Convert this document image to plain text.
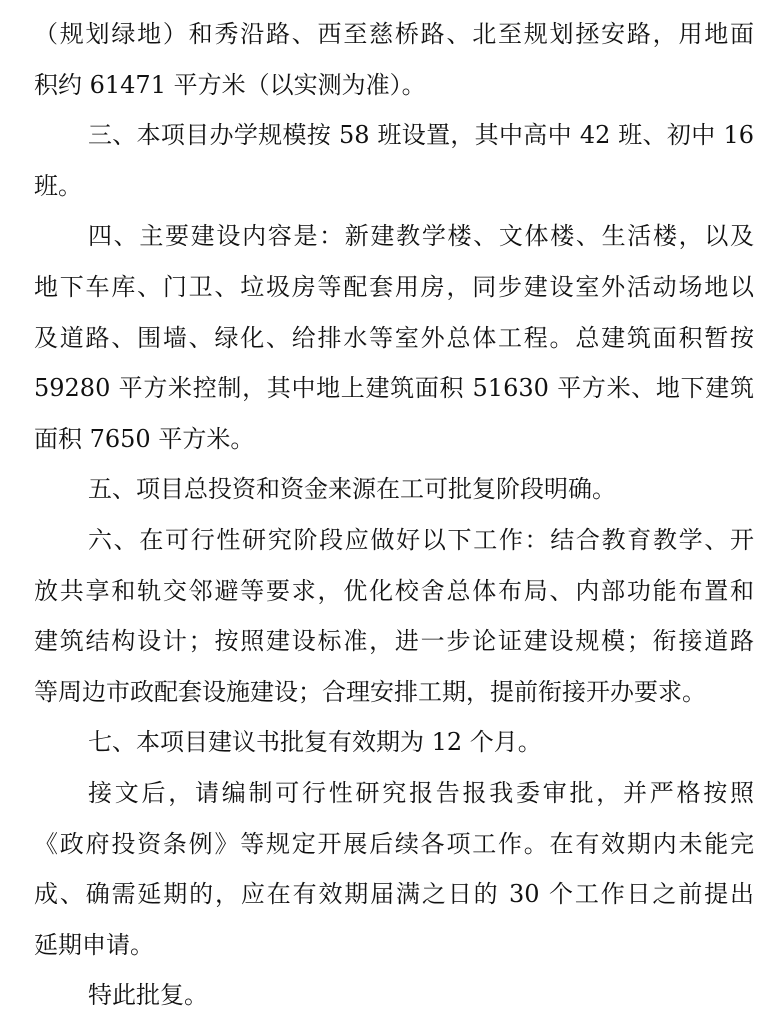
（规划绿地）和秀沿路、西至慈桥路、北至规划拯安路，用地面
积约 61471 平方米（以实测为准）。
三、本项目办学规模按 58 班设置，其中高中 42 班、初中 16
班。
四、主要建设内容是：新建教学楼、文体楼、生活楼，以及
地下车库、门卫、垃圾房等配套用房，同步建设室外活动场地以
及道路、围墙、绿化、给排水等室外总体工程。总建筑面积暂按
59280 平方米控制，其中地上建筑面积 51630 平方米、地下建筑
面积 7650 平方米。
五、项目总投资和资金来源在工可批复阶段明确。
六、在可行性研究阶段应做好以下工作：结合教育教学、开
放共享和轨交邻避等要求，优化校舍总体布局、内部功能布置和
建筑结构设计；按照建设标准，进一步论证建设规模；衔接道路
等周边市政配套设施建设；合理安排工期，提前衔接开办要求。
七、本项目建议书批复有效期为 12 个月。
接文后，请编制可行性研究报告报我委审批，并严格按照
《政府投资条例》等规定开展后续各项工作。在有效期内未能完
成、确需延期的，应在有效期届满之日的 30 个工作日之前提出
延期申请。
特此批复。
